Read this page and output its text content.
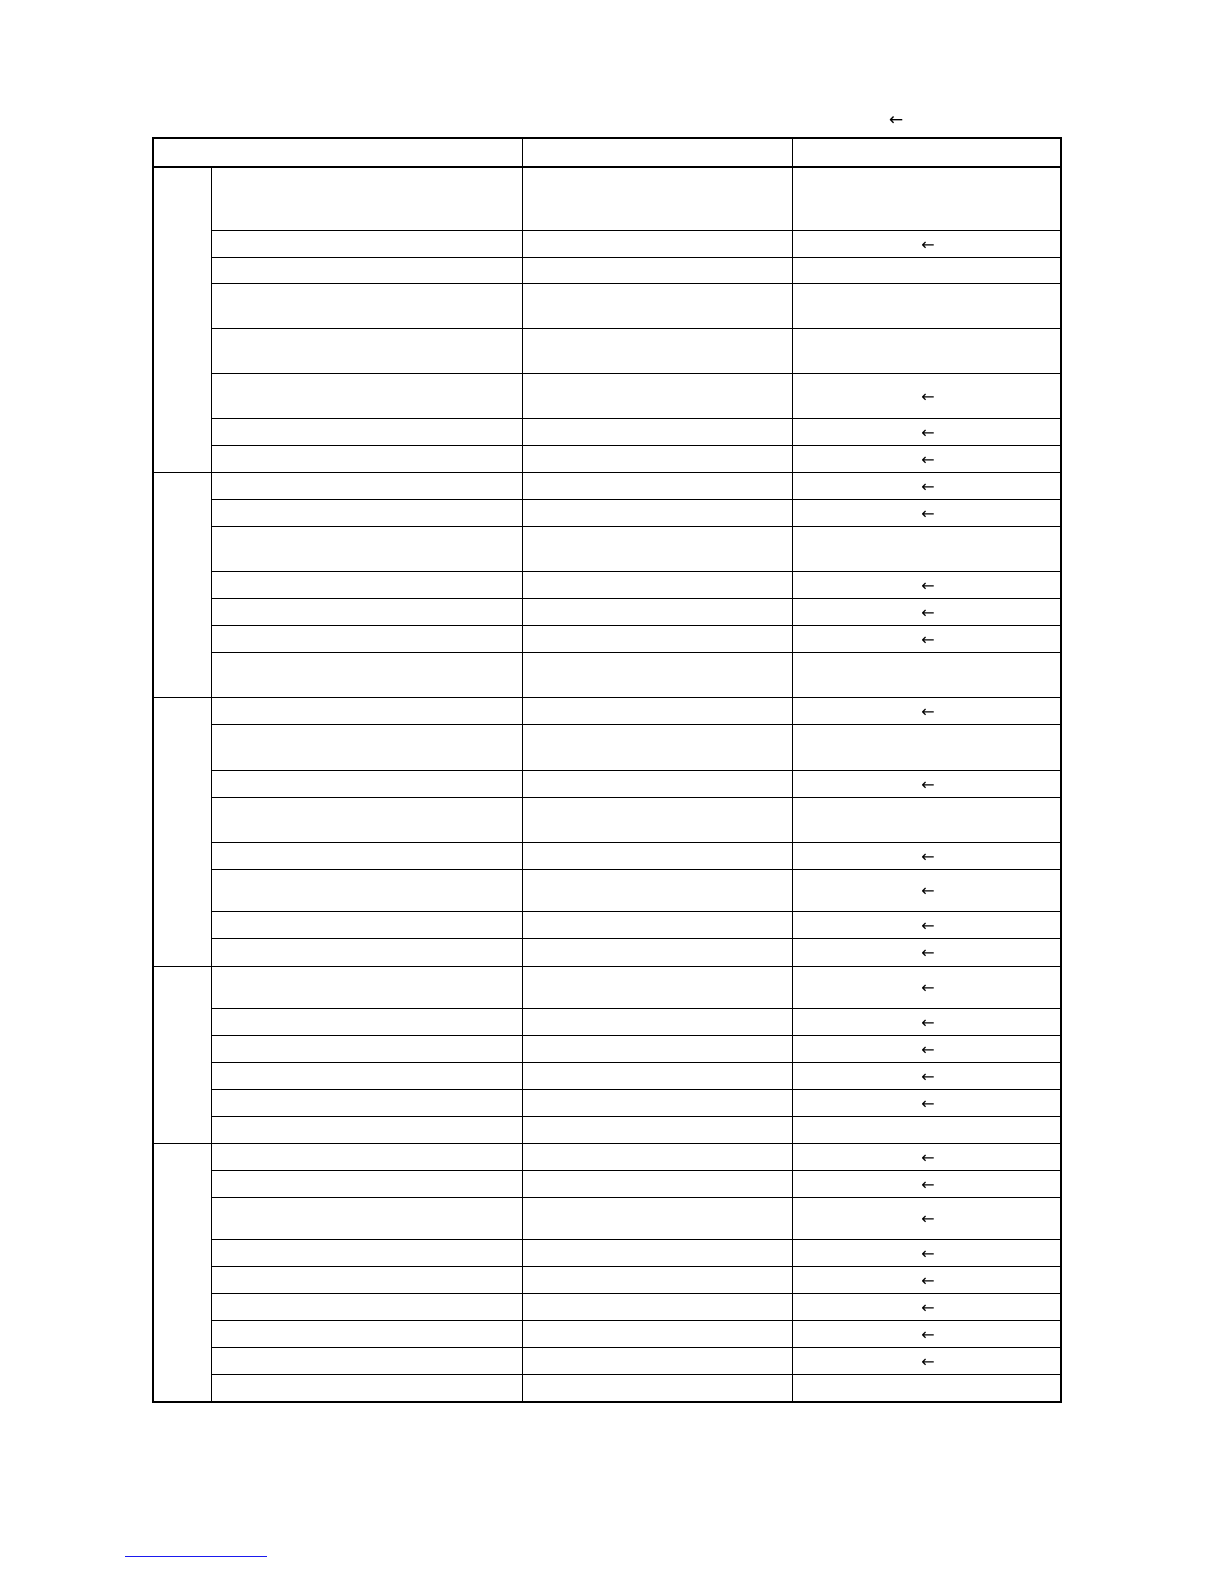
←
←
←
←
←
←
←
←
←
←
←
←
←
←
←
←
←
←
←
←
←
←
←
←
←
←
←
←
←
